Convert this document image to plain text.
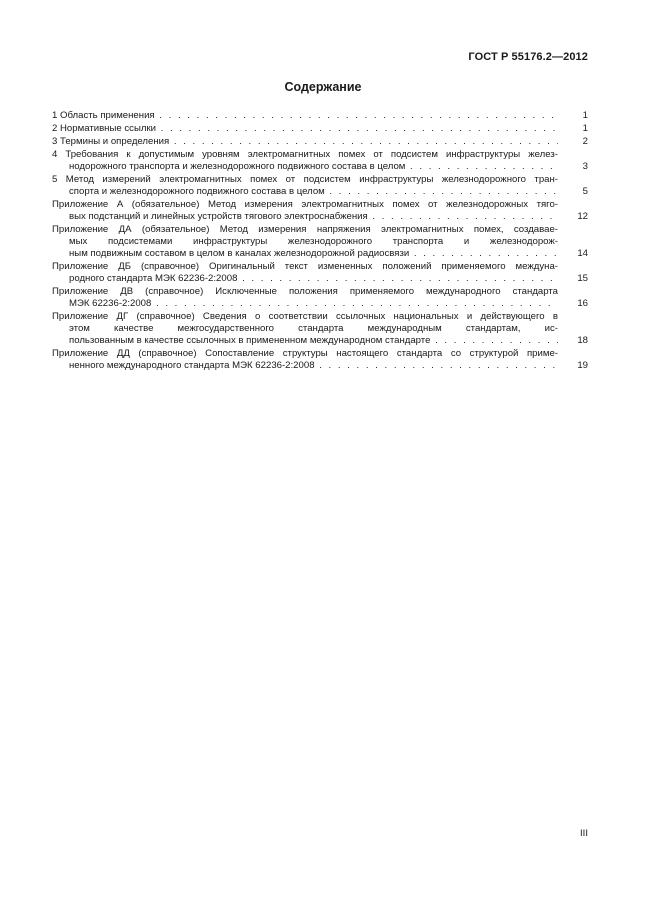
ГОСТ Р 55176.2—2012
Содержание
1 Область применения . . .	1
2 Нормативные ссылки . . .	1
3 Термины и определения . . .	2
4 Требования к допустимым уровням электромагнитных помех от подсистем инфраструктуры желез-
нодорожного транспорта и железнодорожного подвижного состава в целом . . .	3
5 Метод измерений электромагнитных помех от подсистем инфраструктуры железнодорожного тран-
спорта и железнодорожного подвижного состава в целом . . .	5
Приложение А (обязательное) Метод измерения электромагнитных помех от железнодорожных тяго-
вых подстанций и линейных устройств тягового электроснабжения . . .	12
Приложение ДА (обязательное) Метод измерения напряжения электромагнитных помех, создавае-
мых подсистемами инфраструктуры железнодорожного транспорта и железнодорож-
ным подвижным составом в целом в каналах железнодорожной радиосвязи . . .	14
Приложение ДБ (справочное) Оригинальный текст измененных положений применяемого междуна-
родного стандарта МЭК 62236-2:2008 . . .	15
Приложение ДВ (справочное) Исключенные положения применяемого международного стандарта
МЭК 62236-2:2008 . . .	16
Приложение ДГ (справочное) Сведения о соответствии ссылочных национальных и действующего в
этом качестве межгосударственного стандарта международным стандартам, ис-
пользованным в качестве ссылочных в примененном международном стандарте . . .	18
Приложение ДД (справочное) Сопоставление структуры настоящего стандарта со структурой приме-
ненного международного стандарта МЭК 62236-2:2008 . . .	19
III
